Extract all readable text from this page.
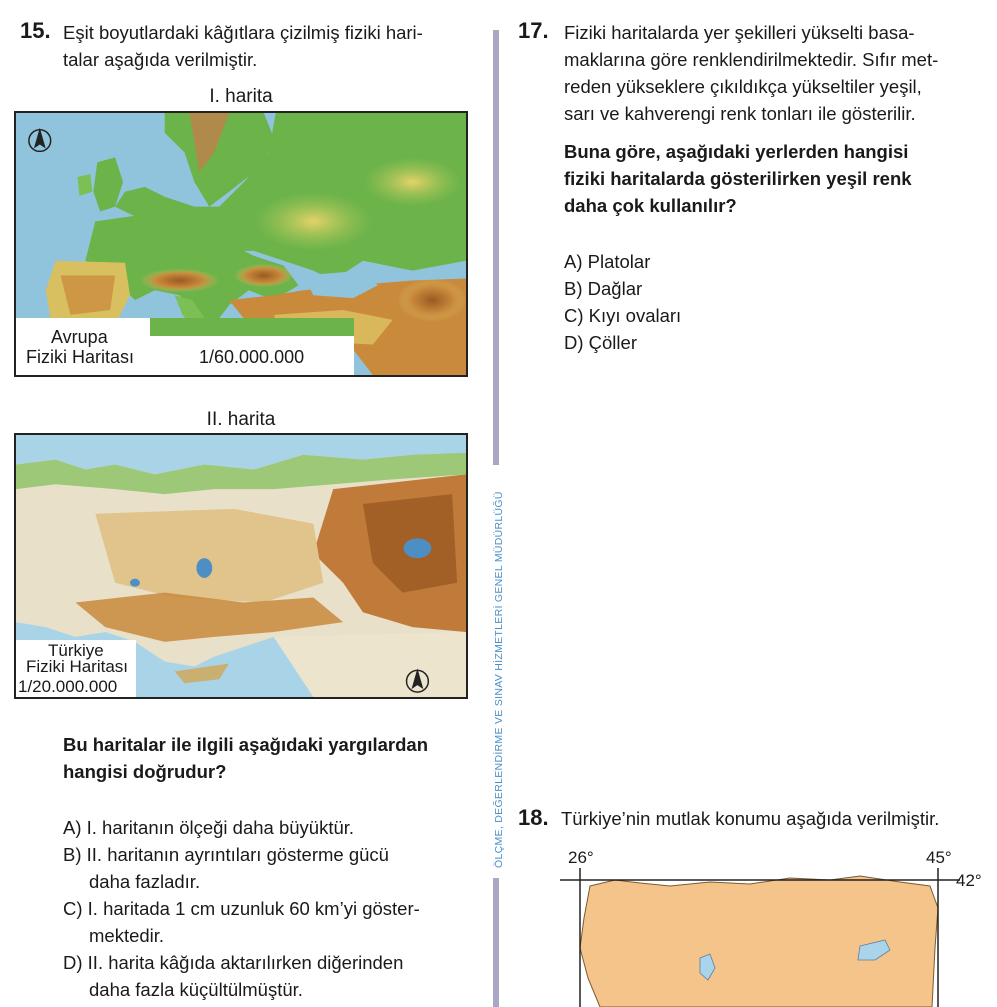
15. Eşit boyutlardaki kâğıtlara çizilmiş fiziki hari-
talar aşağıda verilmiştir.
I. harita
Avrupa
Fiziki Haritası	1/60.000.000
II. harita
Türkiye
Fiziki Haritası
1/20.000.000
Bu haritalar ile ilgili aşağıdaki yargılardan
hangisi doğrudur?
A) I. haritanın ölçeği daha büyüktür.
B) II. haritanın ayrıntıları gösterme gücü
daha fazladır.
C) I. haritada 1 cm uzunluk 60 km’yi göster-
mektedir.
D) II. harita kâğıda aktarılırken diğerinden
daha fazla küçültülmüştür.
ÖLÇME, DEĞERLENDİRME VE SINAV HİZMETLERİ GENEL MÜDÜRLÜĞÜ
17. Fiziki haritalarda yer şekilleri yükselti basa-
maklarına göre renklendirilmektedir. Sıfır met-
reden yükseklere çıkıldıkça yükseltiler yeşil,
sarı ve kahverengi renk tonları ile gösterilir.
Buna göre, aşağıdaki yerlerden hangisi
fiziki haritalarda gösterilirken yeşil renk
daha çok kullanılır?
A) Platolar
B) Dağlar
C) Kıyı ovaları
D) Çöller
18. Türkiye’nin mutlak konumu aşağıda verilmiştir.
26°	45°
42°
